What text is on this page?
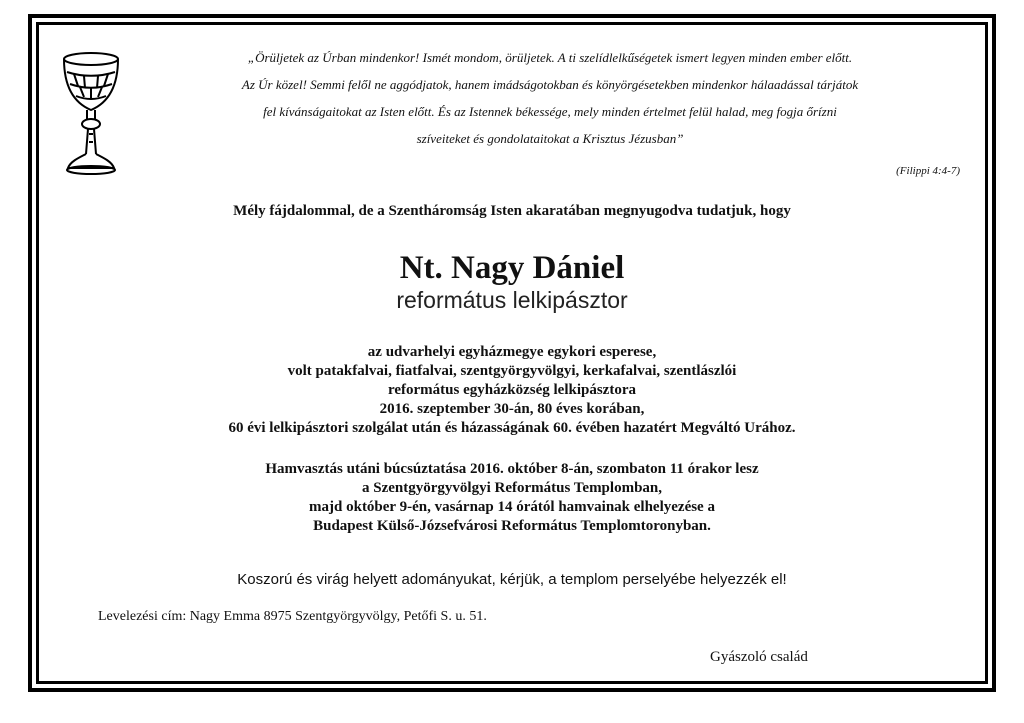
„Örüljetek az Úrban mindenkor! Ismét mondom, örüljetek. A ti szelídlelkűségetek ismert legyen minden ember előtt.
Az Úr közel! Semmi felől ne aggódjatok, hanem imádságotokban és könyörgésetekben mindenkor hálaadással tárjátok
fel kívánságaitokat az Isten előtt. És az Istennek békessége, mely minden értelmet felül halad, meg fogja őrízni
szíveiteket és gondolataitokat a Krisztus Jézusban”
(Filippi 4:4-7)
Mély fájdalommal, de a Szentháromság Isten akaratában megnyugodva tudatjuk, hogy
Nt. Nagy Dániel
református lelkipásztor
az udvarhelyi egyházmegye egykori esperese,
volt patakfalvai, fiatfalvai, szentgyörgyvölgyi, kerkafalvai, szentlászlói
református egyházközség lelkipásztora
2016. szeptember 30-án, 80 éves korában,
60 évi lelkipásztori szolgálat után és házasságának 60. évében hazatért Megváltó Urához.
Hamvasztás utáni búcsúztatása 2016. október 8-án, szombaton 11 órakor lesz
a Szentgyörgyvölgyi Református Templomban,
majd október 9-én, vasárnap 14 órától hamvainak elhelyezése a
Budapest Külső-Józsefvárosi Református Templomtoronyban.
Koszorú és virág helyett adományukat, kérjük, a templom perselyébe helyezzék el!
Levelezési cím: Nagy Emma 8975 Szentgyörgyvölgy, Petőfi S. u. 51.
Gyászoló család
